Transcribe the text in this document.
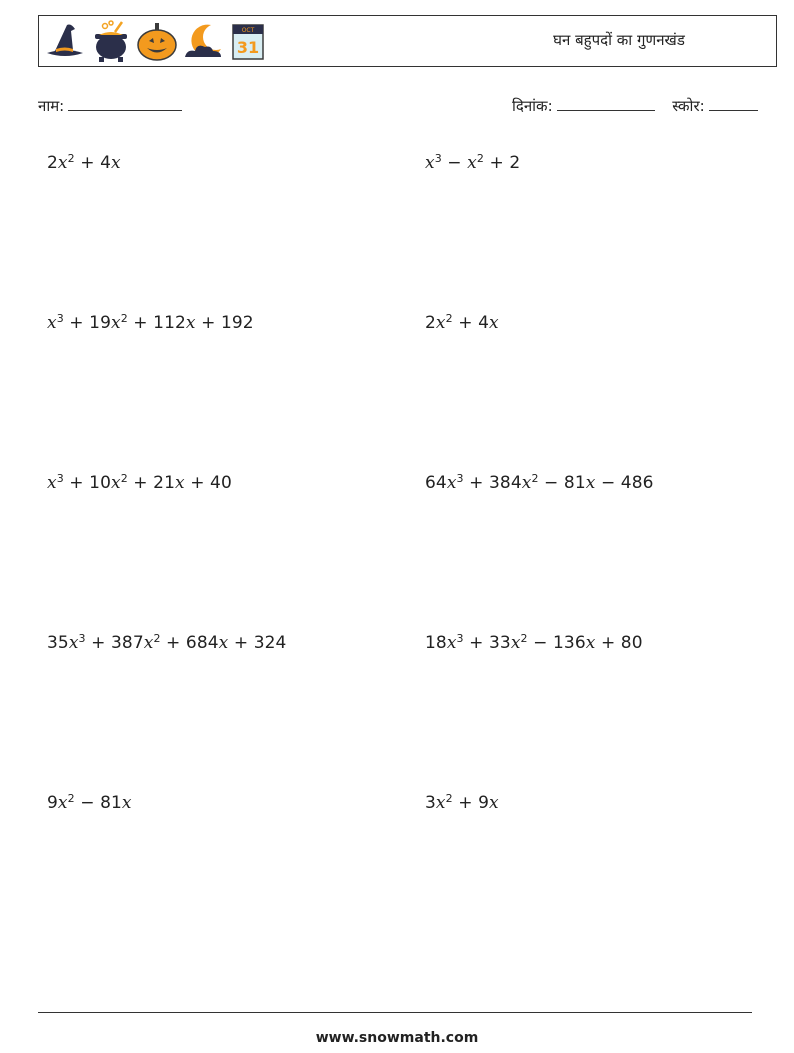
OCT
31	घन बहुपदों का गुणनखंड
नाम:	दिनांक:	स्कोर:
$2x^2 + 4x$	$x^3 - x^2 + 2$
$x^3 + 19x^2 + 112x + 192$	$2x^2 + 4x$
$x^3 + 10x^2 + 21x + 40$	$64x^3 + 384x^2 - 81x - 486$
$35x^3 + 387x^2 + 684x + 324$	$18x^3 + 33x^2 - 136x + 80$
$9x^2 - 81x$	$3x^2 + 9x$
www.snowmath.com
